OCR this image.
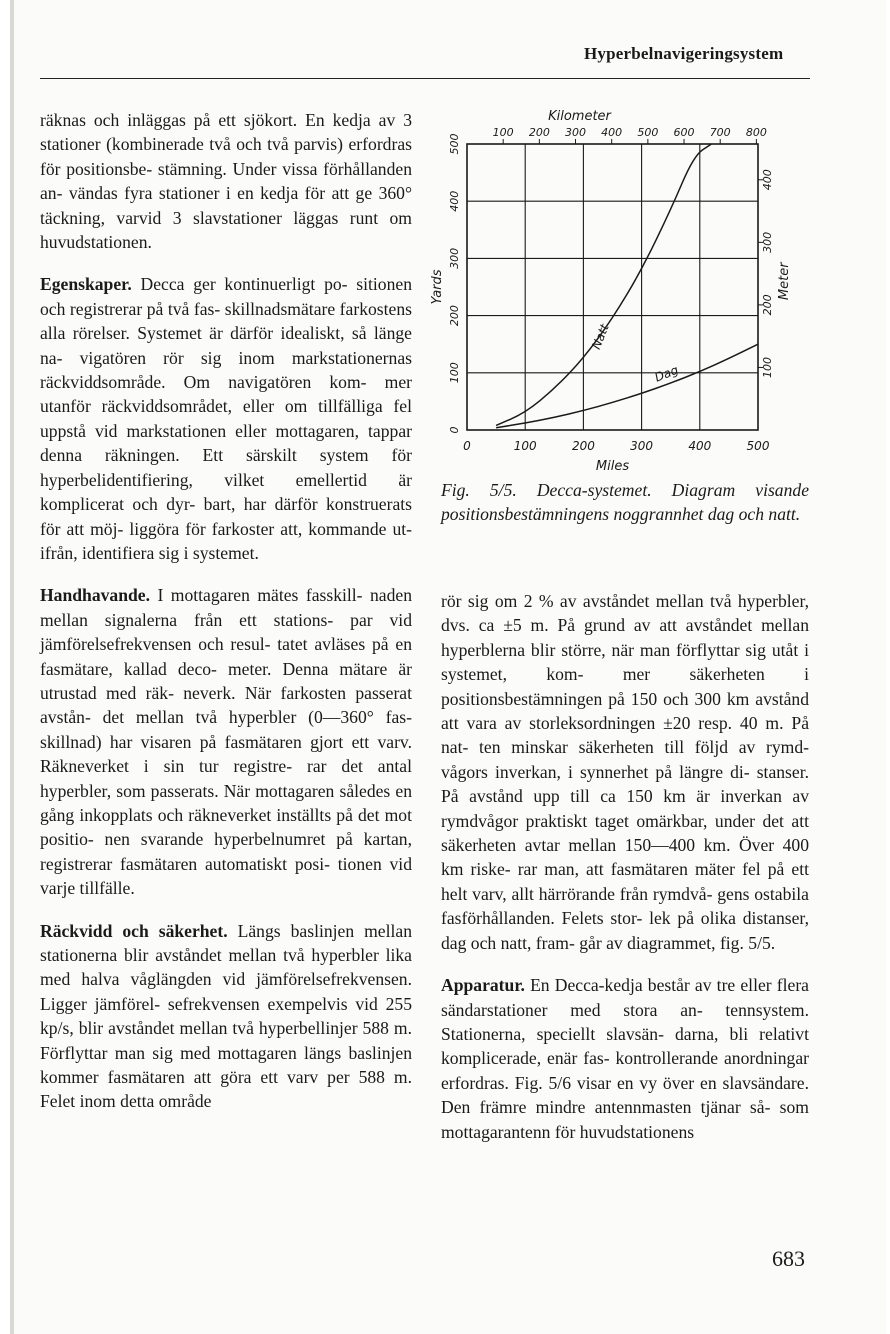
Hyperbelnavigeringsystem

räknas och inläggas på ett sjökort. En kedja av 3 stationer (kombinerade två och två parvis) erfordras för positionsbe- stämning. Under vissa förhållanden an- vändas fyra stationer i en kedja för att ge 360° täckning, varvid 3 slavstationer läggas runt om huvudstationen.

Egenskaper. Decca ger kontinuerligt po- sitionen och registrerar på två fas- skillnadsmätare farkostens alla rörelser. Systemet är därför idealiskt, så länge na- vigatören rör sig inom markstationernas räckviddsområde. Om navigatören kom- mer utanför räckviddsområdet, eller om tillfälliga fel uppstå vid markstationen eller mottagaren, tappar denna räkningen. Ett särskilt system för hyperbelidentifiering, vilket emellertid är komplicerat och dyr- bart, har därför konstruerats för att möj- liggöra för farkoster att, kommande ut- ifrån, identifiera sig i systemet.

Handhavande. I mottagaren mätes fasskill- naden mellan signalerna från ett stations- par vid jämförelsefrekvensen och resul- tatet avläses på en fasmätare, kallad deco- meter. Denna mätare är utrustad med räk- neverk. När farkosten passerat avstån- det mellan två hyperbler (0—360° fas- skillnad) har visaren på fasmätaren gjort ett varv. Räkneverket i sin tur registre- rar det antal hyperbler, som passerats. När mottagaren således en gång inkopplats och räkneverket inställts på det mot positio- nen svarande hyperbelnumret på kartan, registrerar fasmätaren automatiskt posi- tionen vid varje tillfälle.

Räckvidd och säkerhet. Längs baslinjen mellan stationerna blir avståndet mellan två hyperbler lika med halva våglängden vid jämförelsefrekvensen. Ligger jämförel- sefrekvensen exempelvis vid 255 kp/s, blir avståndet mellan två hyperbellinjer 588 m. Förflyttar man sig med mottagaren längs baslinjen kommer fasmätaren att göra ett varv per 588 m. Felet inom detta område

0	100	200	300	400	500
0
100
200
300
400
500
100 200 300 400 500 600 700 800
100
200
300
400
Kilometer
Miles
Yards	Meter
Natt
Dag
Fig. 5/5. Decca-systemet. Diagram visande positionsbestämningens noggrannhet dag och natt.

rör sig om 2 % av avståndet mellan två hyperbler, dvs. ca ±5 m. På grund av att avståndet mellan hyperblerna blir större, när man förflyttar sig utåt i systemet, kom- mer säkerheten i positionsbestämningen på 150 och 300 km avstånd att vara av storleksordningen ±20 resp. 40 m. På nat- ten minskar säkerheten till följd av rymd- vågors inverkan, i synnerhet på längre di- stanser. På avstånd upp till ca 150 km är inverkan av rymdvågor praktiskt taget omärkbar, under det att säkerheten avtar mellan 150—400 km. Över 400 km riske- rar man, att fasmätaren mäter fel på ett helt varv, allt härrörande från rymdvå- gens ostabila fasförhållanden. Felets stor- lek på olika distanser, dag och natt, fram- går av diagrammet, fig. 5/5.

Apparatur. En Decca-kedja består av tre eller flera sändarstationer med stora an- tennsystem. Stationerna, speciellt slavsän- darna, bli relativt komplicerade, enär fas- kontrollerande anordningar erfordras. Fig. 5/6 visar en vy över en slavsändare. Den främre mindre antennmasten tjänar så- som mottagarantenn för huvudstationens

683
